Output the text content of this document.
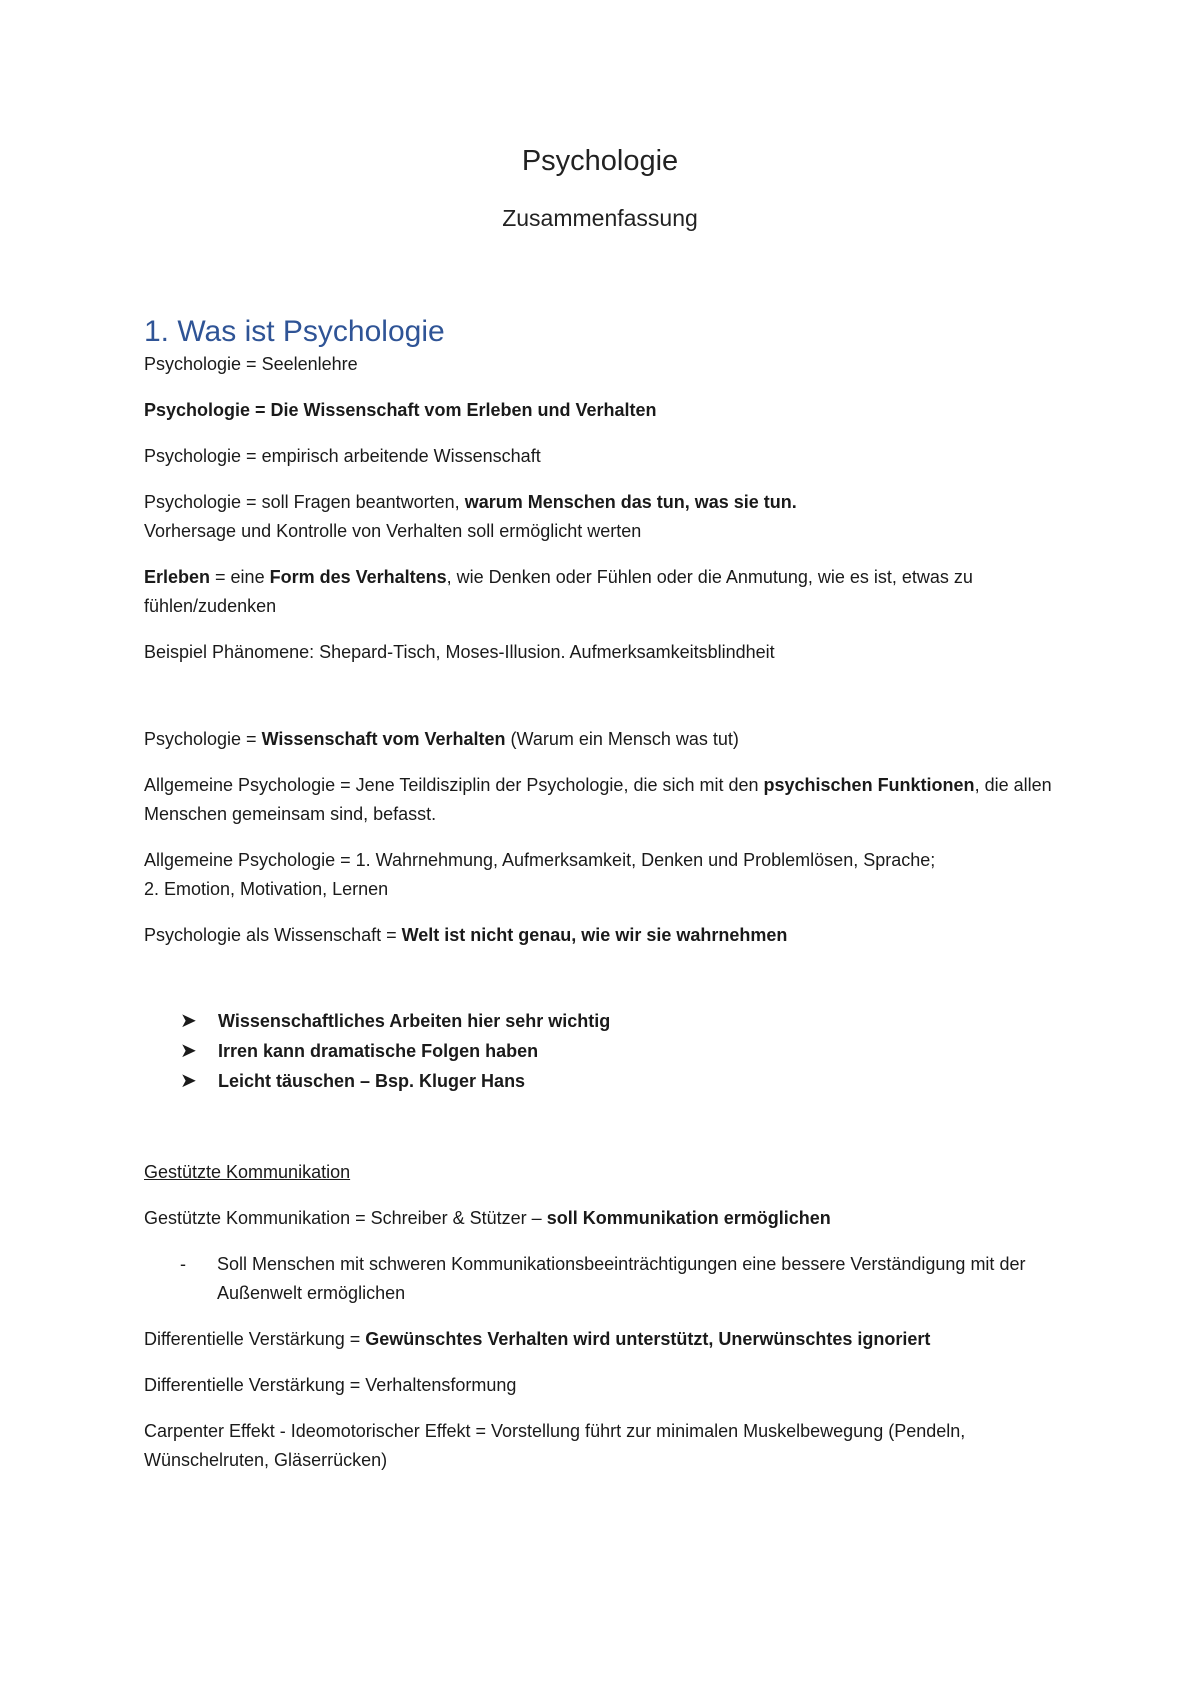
Psychologie
Zusammenfassung
1. Was ist Psychologie

Psychologie = Seelenlehre

Psychologie = Die Wissenschaft vom Erleben und Verhalten

Psychologie = empirisch arbeitende Wissenschaft

Psychologie = soll Fragen beantworten, warum Menschen das tun, was sie tun.
Vorhersage und Kontrolle von Verhalten soll ermöglicht werten

Erleben = eine Form des Verhaltens, wie Denken oder Fühlen oder die Anmutung, wie es ist, etwas zu fühlen/zudenken

Beispiel Phänomene: Shepard-Tisch, Moses-Illusion. Aufmerksamkeitsblindheit

Psychologie = Wissenschaft vom Verhalten (Warum ein Mensch was tut)

Allgemeine Psychologie = Jene Teildisziplin der Psychologie, die sich mit den psychischen Funktionen, die allen Menschen gemeinsam sind, befasst.

Allgemeine Psychologie = 1. Wahrnehmung, Aufmerksamkeit, Denken und Problemlösen, Sprache;
2. Emotion, Motivation, Lernen

Psychologie als Wissenschaft = Welt ist nicht genau, wie wir sie wahrnehmen

➤ Wissenschaftliches Arbeiten hier sehr wichtig
➤ Irren kann dramatische Folgen haben
➤ Leicht täuschen – Bsp. Kluger Hans

Gestützte Kommunikation

Gestützte Kommunikation = Schreiber & Stützer – soll Kommunikation ermöglichen

- Soll Menschen mit schweren Kommunikationsbeeinträchtigungen eine bessere Verständigung mit der Außenwelt ermöglichen

Differentielle Verstärkung = Gewünschtes Verhalten wird unterstützt, Unerwünschtes ignoriert

Differentielle Verstärkung = Verhaltensformung

Carpenter Effekt - Ideomotorischer Effekt = Vorstellung führt zur minimalen Muskelbewegung (Pendeln, Wünschelruten, Gläserrücken)
